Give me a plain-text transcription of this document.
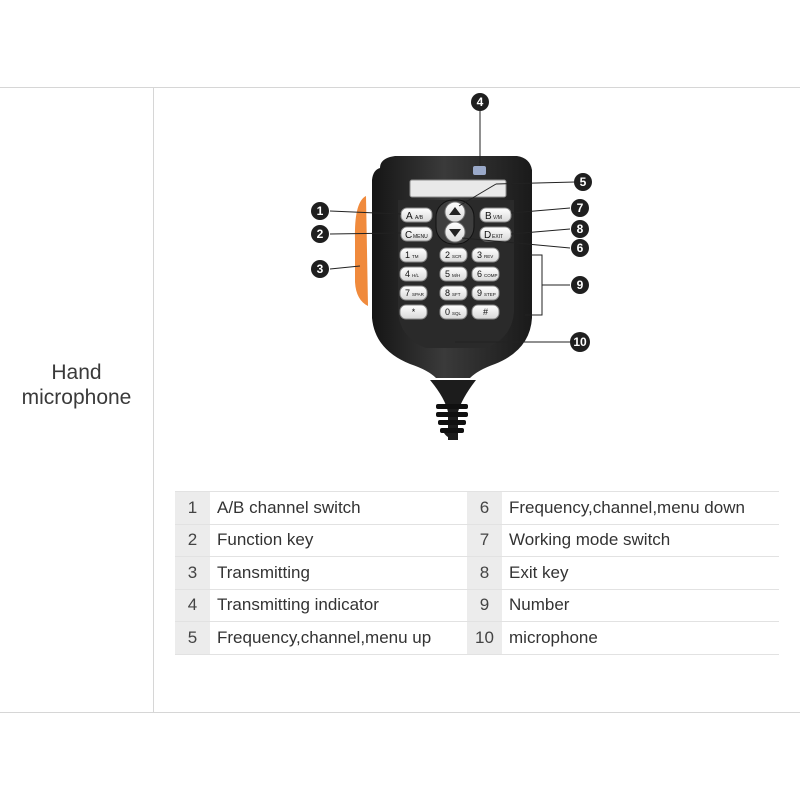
Hand
microphone
A A/B	B V/M
C MENU	D EXIT
1 TM	2 SCR 3 REV
4 H/L	5 M/H 6 COMP
7 SPAR 8 SFT 9 STEP
*	0 SQL #
1
2
3
4
5
6
7
8
9
10
1	A/B channel switch	6	Frequency,channel,menu down
2	Function key	7	Working mode switch
3	Transmitting	8	Exit key
4	Transmitting indicator	9	Number
5	Frequency,channel,menu up	10	microphone
